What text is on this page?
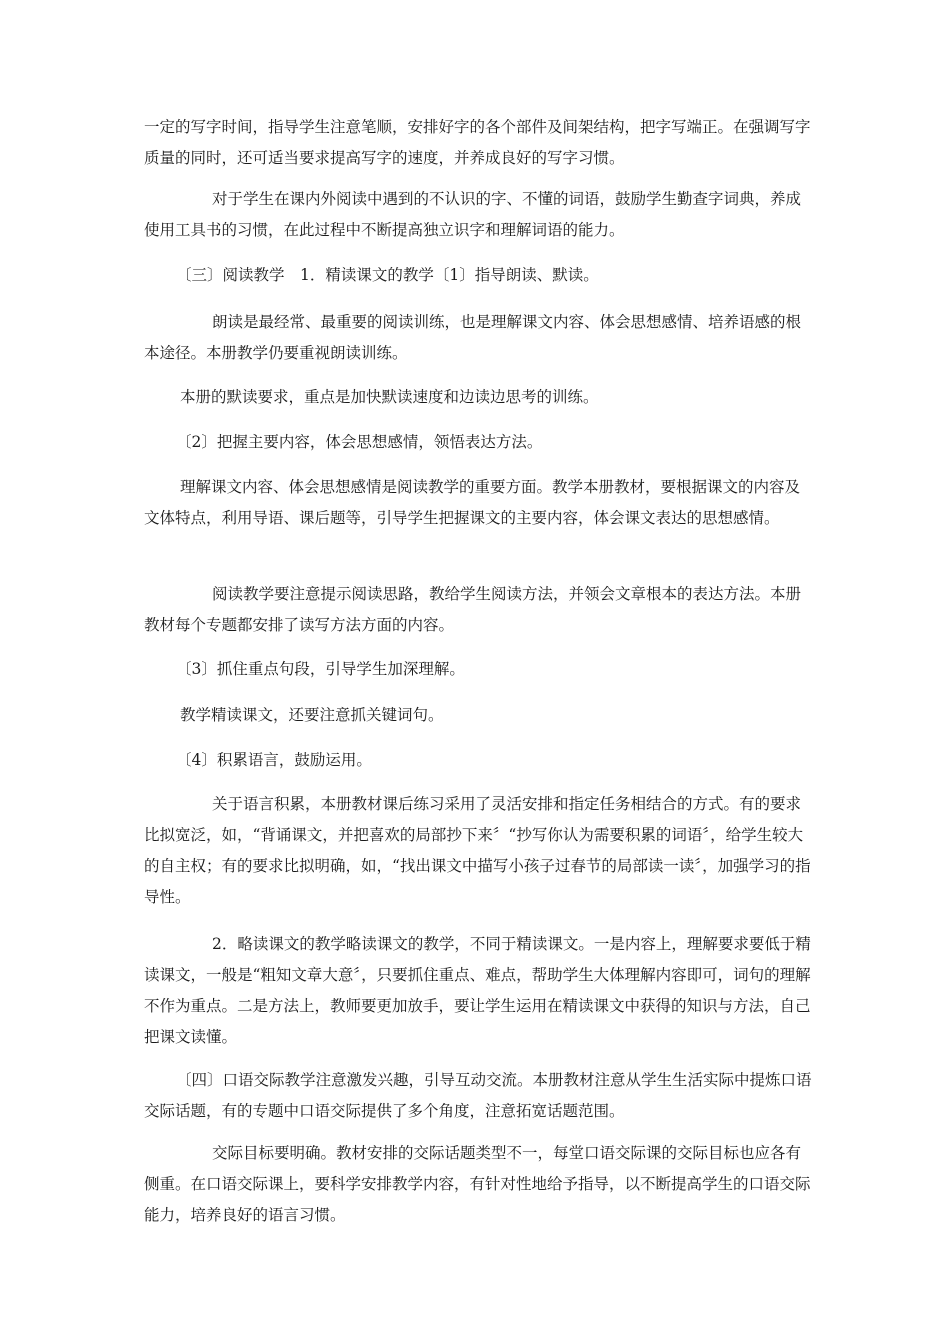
一定的写字时间，指导学生注意笔顺，安排好字的各个部件及间架结构，把字写端正。在强调写字质量的同时，还可适当要求提高写字的速度，并养成良好的写字习惯。

对于学生在课内外阅读中遇到的不认识的字、不懂的词语，鼓励学生勤查字词典，养成使用工具书的习惯，在此过程中不断提高独立识字和理解词语的能力。

〔三〕阅读教学　1．精读课文的教学〔1〕指导朗读、默读。

朗读是最经常、最重要的阅读训练，也是理解课文内容、体会思想感情、培养语感的根本途径。本册教学仍要重视朗读训练。

本册的默读要求，重点是加快默读速度和边读边思考的训练。

〔2〕把握主要内容，体会思想感情，领悟表达方法。

理解课文内容、体会思想感情是阅读教学的重要方面。教学本册教材，要根据课文的内容及文体特点，利用导语、课后题等，引导学生把握课文的主要内容，体会课文表达的思想感情。

阅读教学要注意提示阅读思路，教给学生阅读方法，并领会文章根本的表达方法。本册教材每个专题都安排了读写方法方面的内容。

〔3〕抓住重点句段，引导学生加深理解。

教学精读课文，还要注意抓关键词句。

〔4〕积累语言，鼓励运用。

关于语言积累，本册教材课后练习采用了灵活安排和指定任务相结合的方式。有的要求比拟宽泛，如，“背诵课文，并把喜欢的局部抄下来〞“抄写你认为需要积累的词语〞，给学生较大的自主权；有的要求比拟明确，如，“找出课文中描写小孩子过春节的局部读一读〞，加强学习的指导性。

2．略读课文的教学略读课文的教学，不同于精读课文。一是内容上，理解要求要低于精读课文，一般是“粗知文章大意〞，只要抓住重点、难点，帮助学生大体理解内容即可，词句的理解不作为重点。二是方法上，教师要更加放手，要让学生运用在精读课文中获得的知识与方法，自己把课文读懂。

〔四〕口语交际教学注意激发兴趣，引导互动交流。本册教材注意从学生生活实际中提炼口语交际话题，有的专题中口语交际提供了多个角度，注意拓宽话题范围。

交际目标要明确。教材安排的交际话题类型不一，每堂口语交际课的交际目标也应各有侧重。在口语交际课上，要科学安排教学内容，有针对性地给予指导，以不断提高学生的口语交际能力，培养良好的语言习惯。
